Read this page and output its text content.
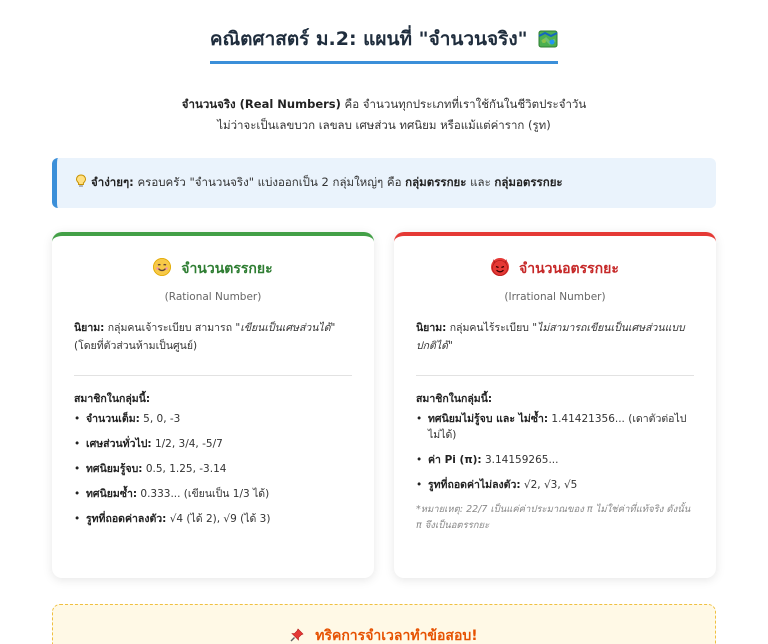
คณิตศาสตร์ ม.2: แผนที่ "จำนวนจริง"
จำนวนจริง (Real Numbers) คือ จำนวนทุกประเภทที่เราใช้กันในชีวิตประจำวัน
ไม่ว่าจะเป็นเลขบวก เลขลบ เศษส่วน ทศนิยม หรือแม้แต่ค่าราก (รูท)
จำง่ายๆ: ครอบครัว "จำนวนจริง" แบ่งออกเป็น 2 กลุ่มใหญ่ๆ คือ กลุ่มตรรกยะ และ กลุ่มอตรรกยะ
จำนวนตรรกยะ
(Rational Number)
นิยาม: กลุ่มคนเจ้าระเบียบ สามารถ "เขียนเป็นเศษส่วนได้" (โดยที่ตัวส่วนห้ามเป็นศูนย์)
สมาชิกในกลุ่มนี้:
• จำนวนเต็ม: 5, 0, -3
• เศษส่วนทั่วไป: 1/2, 3/4, -5/7
• ทศนิยมรู้จบ: 0.5, 1.25, -3.14
• ทศนิยมซ้ำ: 0.333... (เขียนเป็น 1/3 ได้)
• รูทที่ถอดค่าลงตัว: √4 (ได้ 2), √9 (ได้ 3)
จำนวนอตรรกยะ
(Irrational Number)
นิยาม: กลุ่มคนไร้ระเบียบ "ไม่สามารถเขียนเป็นเศษส่วนแบบปกติได้"
สมาชิกในกลุ่มนี้:
• ทศนิยมไม่รู้จบ และ ไม่ซ้ำ: 1.41421356... (เดาตัวต่อไปไม่ได้)
• ค่า Pi (π): 3.14159265...
• รูทที่ถอดค่าไม่ลงตัว: √2, √3, √5
*หมายเหตุ: 22/7 เป็นแค่ค่าประมาณของ π ไม่ใช่ค่าที่แท้จริง ดังนั้น π จึงเป็นอตรรกยะ
ทริคการจำเวลาทำข้อสอบ!
